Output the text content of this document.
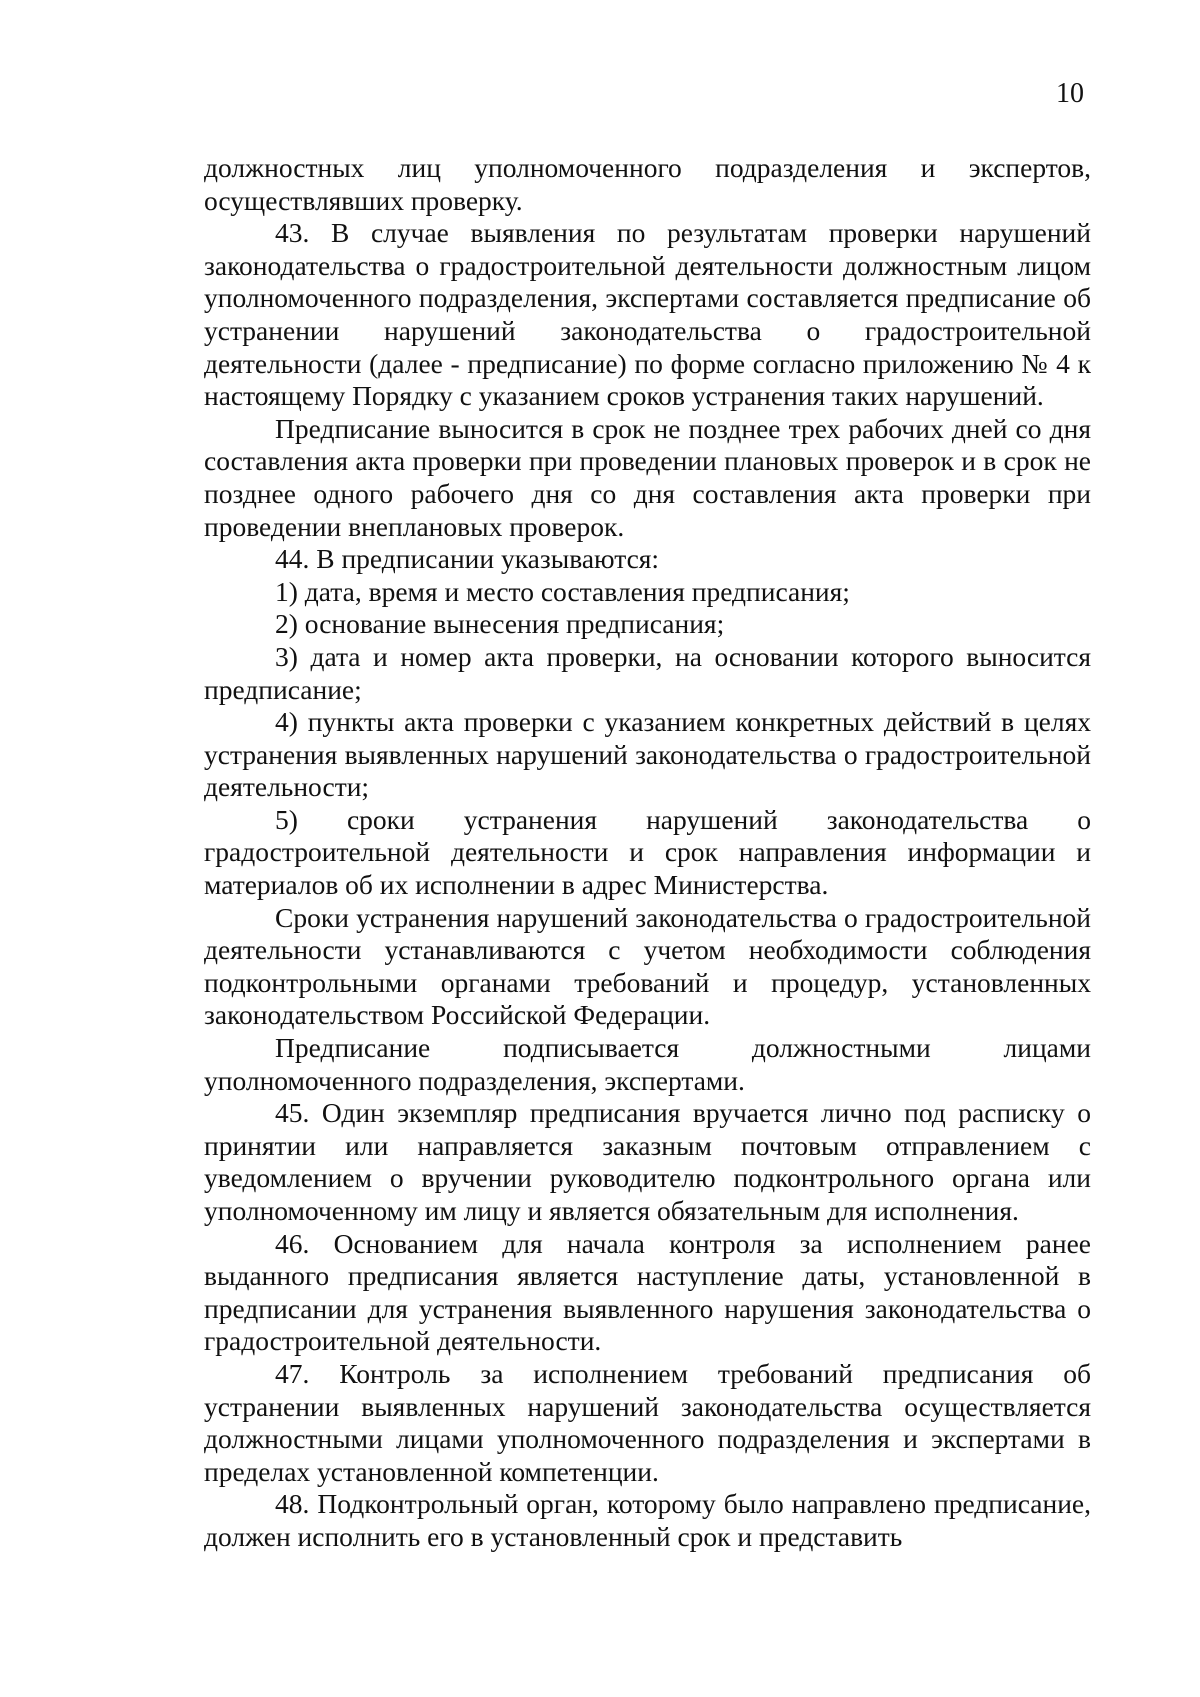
10

должностных лиц уполномоченного подразделения и экспертов, осуществлявших проверку.

43. В случае выявления по результатам проверки нарушений законодательства о градостроительной деятельности должностным лицом уполномоченного подразделения, экспертами составляется предписание об устранении нарушений законодательства о градостроительной деятельности (далее - предписание) по форме согласно приложению № 4 к настоящему Порядку с указанием сроков устранения таких нарушений.

Предписание выносится в срок не позднее трех рабочих дней со дня составления акта проверки при проведении плановых проверок и в срок не позднее одного рабочего дня со дня составления акта проверки при проведении внеплановых проверок.

44. В предписании указываются:

1) дата, время и место составления предписания;

2) основание вынесения предписания;

3) дата и номер акта проверки, на основании которого выносится предписание;

4) пункты акта проверки с указанием конкретных действий в целях устранения выявленных нарушений законодательства о градостроительной деятельности;

5) сроки устранения нарушений законодательства о градостроительной деятельности и срок направления информации и материалов об их исполнении в адрес Министерства.

Сроки устранения нарушений законодательства о градостроительной деятельности устанавливаются с учетом необходимости соблюдения подконтрольными органами требований и процедур, установленных законодательством Российской Федерации.

Предписание подписывается должностными лицами уполномоченного подразделения, экспертами.

45. Один экземпляр предписания вручается лично под расписку о принятии или направляется заказным почтовым отправлением с уведомлением о вручении руководителю подконтрольного органа или уполномоченному им лицу и является обязательным для исполнения.

46. Основанием для начала контроля за исполнением ранее выданного предписания является наступление даты, установленной в предписании для устранения выявленного нарушения законодательства о градостроительной деятельности.

47. Контроль за исполнением требований предписания об устранении выявленных нарушений законодательства осуществляется должностными лицами уполномоченного подразделения и экспертами в пределах установленной компетенции.

48. Подконтрольный орган, которому было направлено предписание, должен исполнить его в установленный срок и представить
